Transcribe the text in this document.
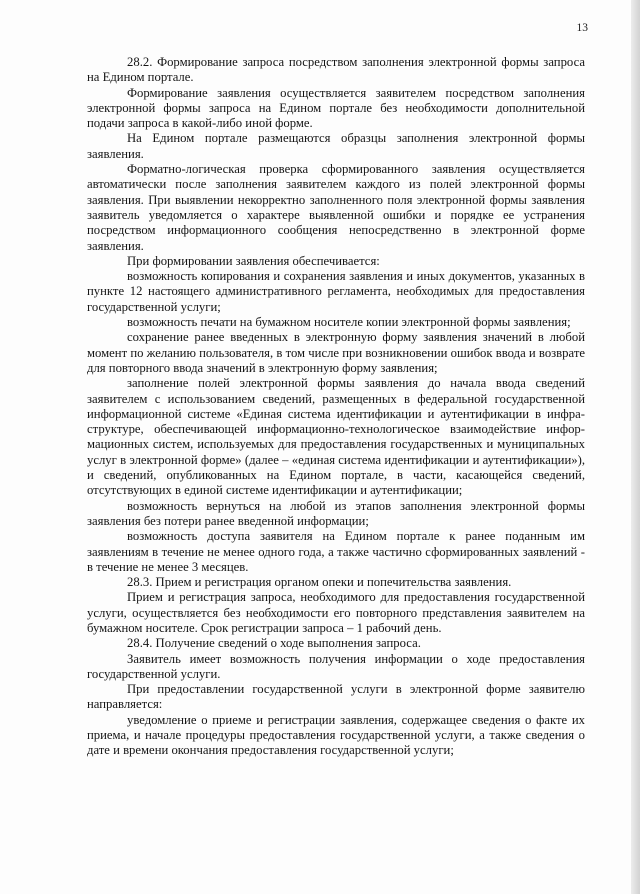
13

28.2. Формирование запроса посредством заполнения электронной формы запроса на Едином портале.

Формирование заявления осуществляется заявителем посредством заполнения электронной формы запроса на Едином портале без необходимости дополнительной подачи запроса в какой-либо иной форме.

На Едином портале размещаются образцы заполнения электронной формы заявления.

Форматно-логическая проверка сформированного заявления осуществляется автоматически после заполнения заявителем каждого из полей электронной формы заявления. При выявлении некорректно заполненного поля электронной формы заявления заявитель уведомляется о характере выявленной ошибки и порядке ее устранения посредством информационного сообщения непосредственно в электронной форме заявления.

При формировании заявления обеспечивается:

возможность копирования и сохранения заявления и иных документов, указанных в пункте 12 настоящего административного регламента, необходимых для предоставления государственной услуги;

возможность печати на бумажном носителе копии электронной формы заявления;

сохранение ранее введенных в электронную форму заявления значений в любой момент по желанию пользователя, в том числе при возникновении ошибок ввода и возврате для повторного ввода значений в электронную форму заявления;

заполнение полей электронной формы заявления до начала ввода сведений заявителем с использованием сведений, размещенных в федеральной государственной информационной системе «Единая система идентификации и аутентификации в инфраструктуре, обеспечивающей информационно-технологическое взаимодействие информационных систем, используемых для предоставления государственных и муниципальных услуг в электронной форме» (далее – «единая система идентификации и аутентификации»), и сведений, опубликованных на Едином портале, в части, касающейся сведений, отсутствующих в единой системе идентификации и аутентификации;

возможность вернуться на любой из этапов заполнения электронной формы заявления без потери ранее введенной информации;

возможность доступа заявителя на Едином портале к ранее поданным им заявлениям в течение не менее одного года, а также частично сформированных заявлений - в течение не менее 3 месяцев.

28.3. Прием и регистрация органом опеки и попечительства заявления.

Прием и регистрация запроса, необходимого для предоставления государственной услуги, осуществляется без необходимости его повторного представления заявителем на бумажном носителе. Срок регистрации запроса – 1 рабочий день.

28.4. Получение сведений о ходе выполнения запроса.

Заявитель имеет возможность получения информации о ходе предоставления государственной услуги.

При предоставлении государственной услуги в электронной форме заявителю направляется:

уведомление о приеме и регистрации заявления, содержащее сведения о факте их приема, и начале процедуры предоставления государственной услуги, а также сведения о дате и времени окончания предоставления государственной услуги;
